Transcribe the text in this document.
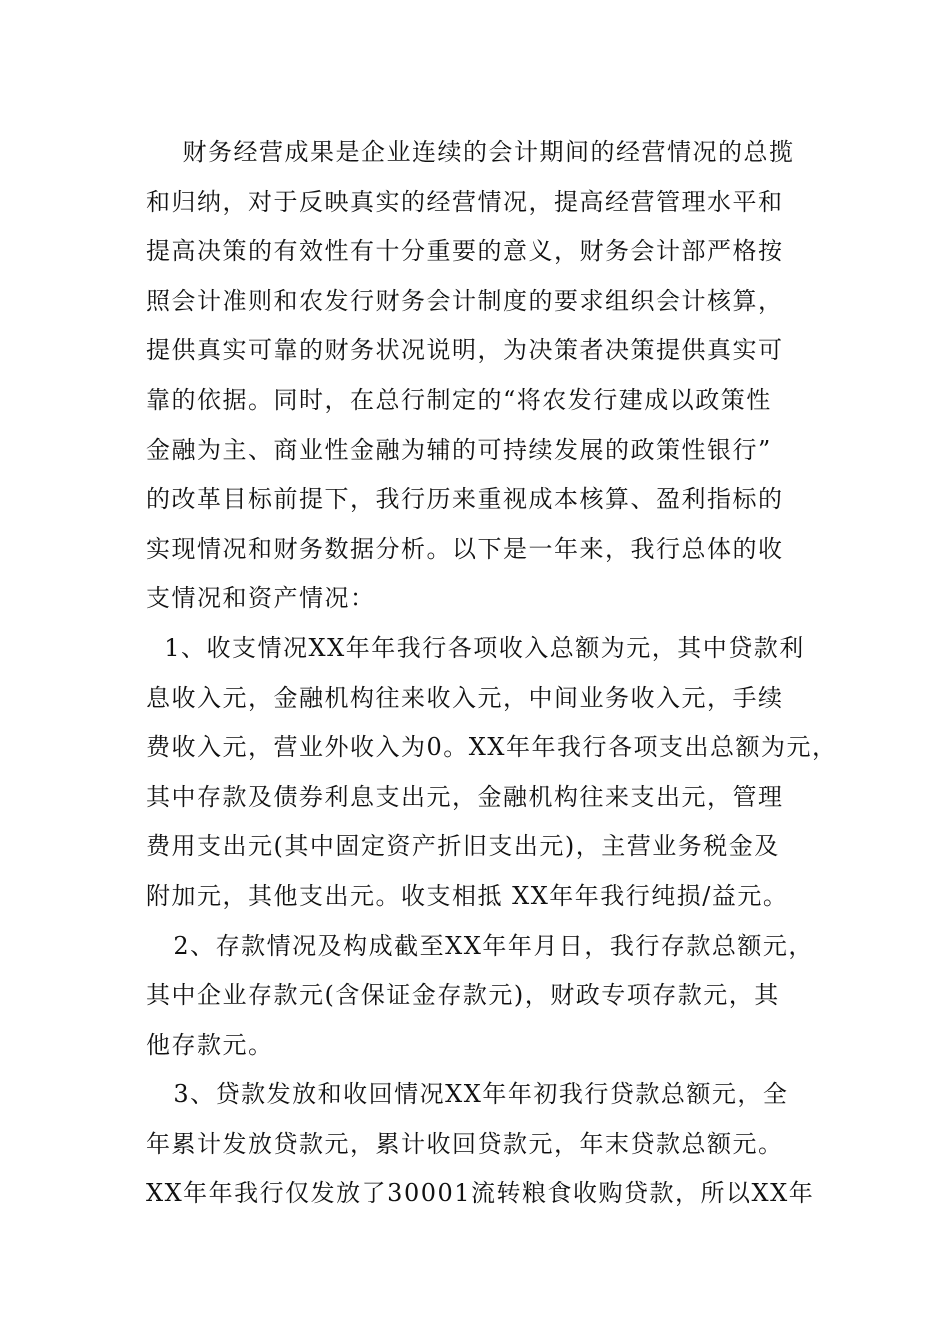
财务经营成果是企业连续的会计期间的经营情况的总揽
和归纳，对于反映真实的经营情况，提高经营管理水平和
提高决策的有效性有十分重要的意义，财务会计部严格按
照会计准则和农发行财务会计制度的要求组织会计核算，
提供真实可靠的财务状况说明，为决策者决策提供真实可
靠的依据。同时，在总行制定的“将农发行建成以政策性
金融为主、商业性金融为辅的可持续发展的政策性银行”
的改革目标前提下，我行历来重视成本核算、盈利指标的
实现情况和财务数据分析。以下是一年来，我行总体的收
支情况和资产情况：
1、收支情况XX年年我行各项收入总额为元，其中贷款利
息收入元，金融机构往来收入元，中间业务收入元，手续
费收入元，营业外收入为0。XX年年我行各项支出总额为元，
其中存款及债券利息支出元，金融机构往来支出元，管理
费用支出元(其中固定资产折旧支出元)，主营业务税金及
附加元，其他支出元。收支相抵 XX年年我行纯损/益元。
2、存款情况及构成截至XX年年月日，我行存款总额元，
其中企业存款元(含保证金存款元)，财政专项存款元，其
他存款元。
3、贷款发放和收回情况XX年年初我行贷款总额元，全
年累计发放贷款元，累计收回贷款元，年末贷款总额元。
XX年年我行仅发放了30001流转粮食收购贷款，所以XX年
